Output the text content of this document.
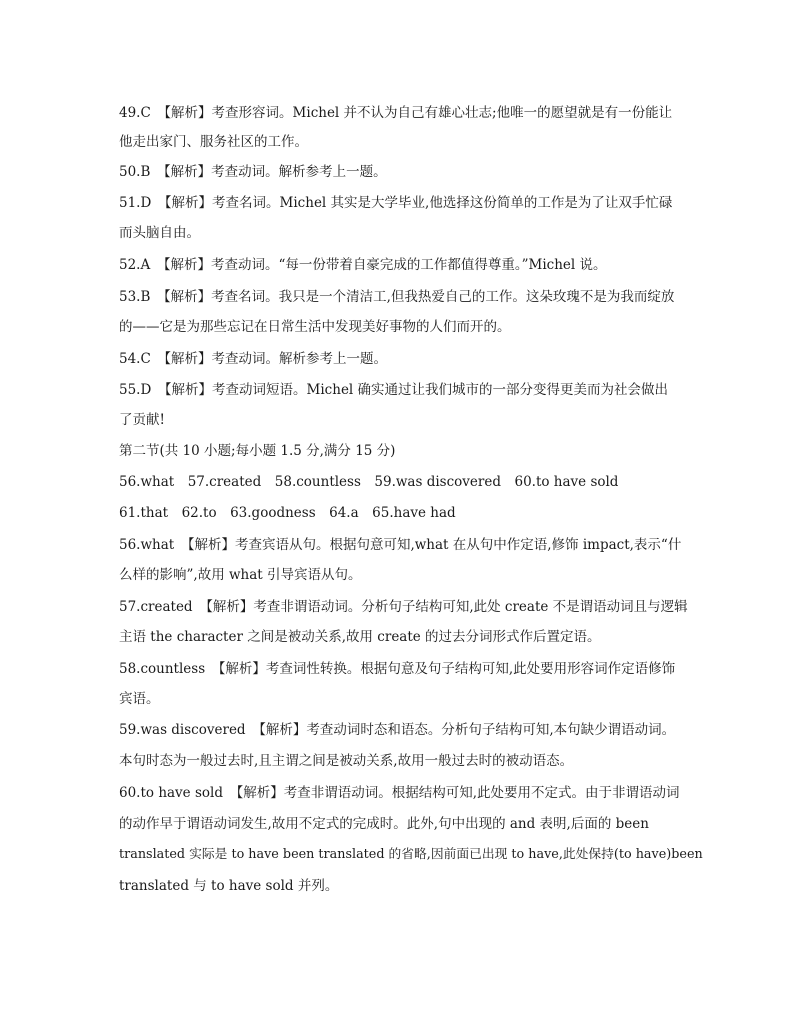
49.C　【解析】考查形容词。Michel 并不认为自己有雄心壮志;他唯一的愿望就是有一份能让
他走出家门、服务社区的工作。
50.B　【解析】考查动词。解析参考上一题。
51.D　【解析】考查名词。Michel 其实是大学毕业,他选择这份简单的工作是为了让双手忙碌
而头脑自由。
52.A　【解析】考查动词。“每一份带着自豪完成的工作都值得尊重。”Michel 说。
53.B　【解析】考查名词。我只是一个清洁工,但我热爱自己的工作。这朵玫瑰不是为我而绽放
的——它是为那些忘记在日常生活中发现美好事物的人们而开的。
54.C　【解析】考查动词。解析参考上一题。
55.D　【解析】考查动词短语。Michel 确实通过让我们城市的一部分变得更美而为社会做出
了贡献!
第二节(共 10 小题;每小题 1.5 分,满分 15 分)
56.what　57.created　58.countless　59.was discovered　60.to have sold
61.that　62.to　63.goodness　64.a　65.have had
56.what　【解析】考查宾语从句。根据句意可知,what 在从句中作定语,修饰 impact,表示“什
么样的影响”,故用 what 引导宾语从句。
57.created　【解析】考查非谓语动词。分析句子结构可知,此处 create 不是谓语动词且与逻辑
主语 the character 之间是被动关系,故用 create 的过去分词形式作后置定语。
58.countless　【解析】考查词性转换。根据句意及句子结构可知,此处要用形容词作定语修饰
宾语。
59.was discovered　【解析】考查动词时态和语态。分析句子结构可知,本句缺少谓语动词。
本句时态为一般过去时,且主谓之间是被动关系,故用一般过去时的被动语态。
60.to have sold　【解析】考查非谓语动词。根据结构可知,此处要用不定式。由于非谓语动词
的动作早于谓语动词发生,故用不定式的完成时。此外,句中出现的 and 表明,后面的 been
translated 实际是 to have been translated 的省略,因前面已出现 to have,此处保持(to have)been
translated 与 to have sold 并列。
